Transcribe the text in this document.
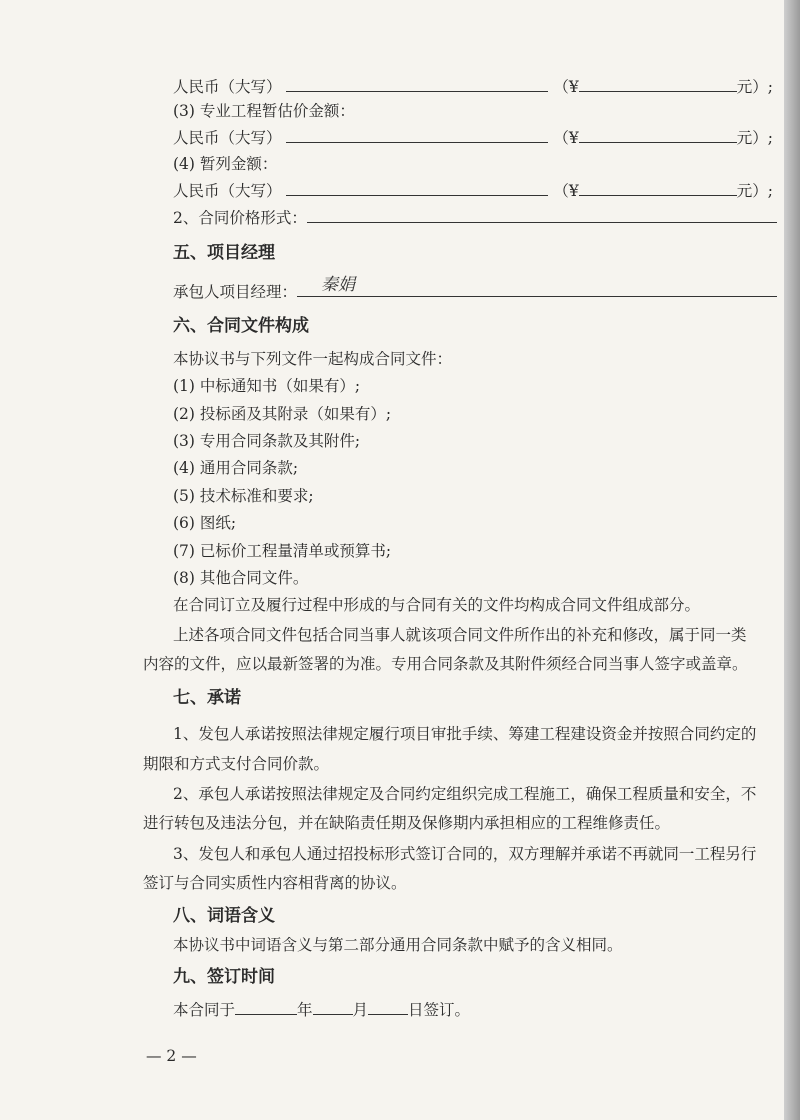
人民币（大写）	（¥	元）;
(3) 专业工程暂估价金额：
人民币（大写）	（¥	元）;
(4) 暂列金额：
人民币（大写）	（¥	元）;
2、合同价格形式：
五、项目经理
承包人项目经理： 秦娟
六、合同文件构成
本协议书与下列文件一起构成合同文件：
(1) 中标通知书（如果有）;
(2) 投标函及其附录（如果有）;
(3) 专用合同条款及其附件;
(4) 通用合同条款;
(5) 技术标准和要求;
(6) 图纸;
(7) 已标价工程量清单或预算书;
(8) 其他合同文件。
在合同订立及履行过程中形成的与合同有关的文件均构成合同文件组成部分。
上述各项合同文件包括合同当事人就该项合同文件所作出的补充和修改，属于同一类
内容的文件，应以最新签署的为准。专用合同条款及其附件须经合同当事人签字或盖章。
七、承诺
1、发包人承诺按照法律规定履行项目审批手续、筹建工程建设资金并按照合同约定的
期限和方式支付合同价款。
2、承包人承诺按照法律规定及合同约定组织完成工程施工，确保工程质量和安全，不
进行转包及违法分包，并在缺陷责任期及保修期内承担相应的工程维修责任。
3、发包人和承包人通过招投标形式签订合同的，双方理解并承诺不再就同一工程另行
签订与合同实质性内容相背离的协议。
八、词语含义
本协议书中词语含义与第二部分通用合同条款中赋予的含义相同。
九、签订时间
本合同于	年	月	日签订。
— 2 —
